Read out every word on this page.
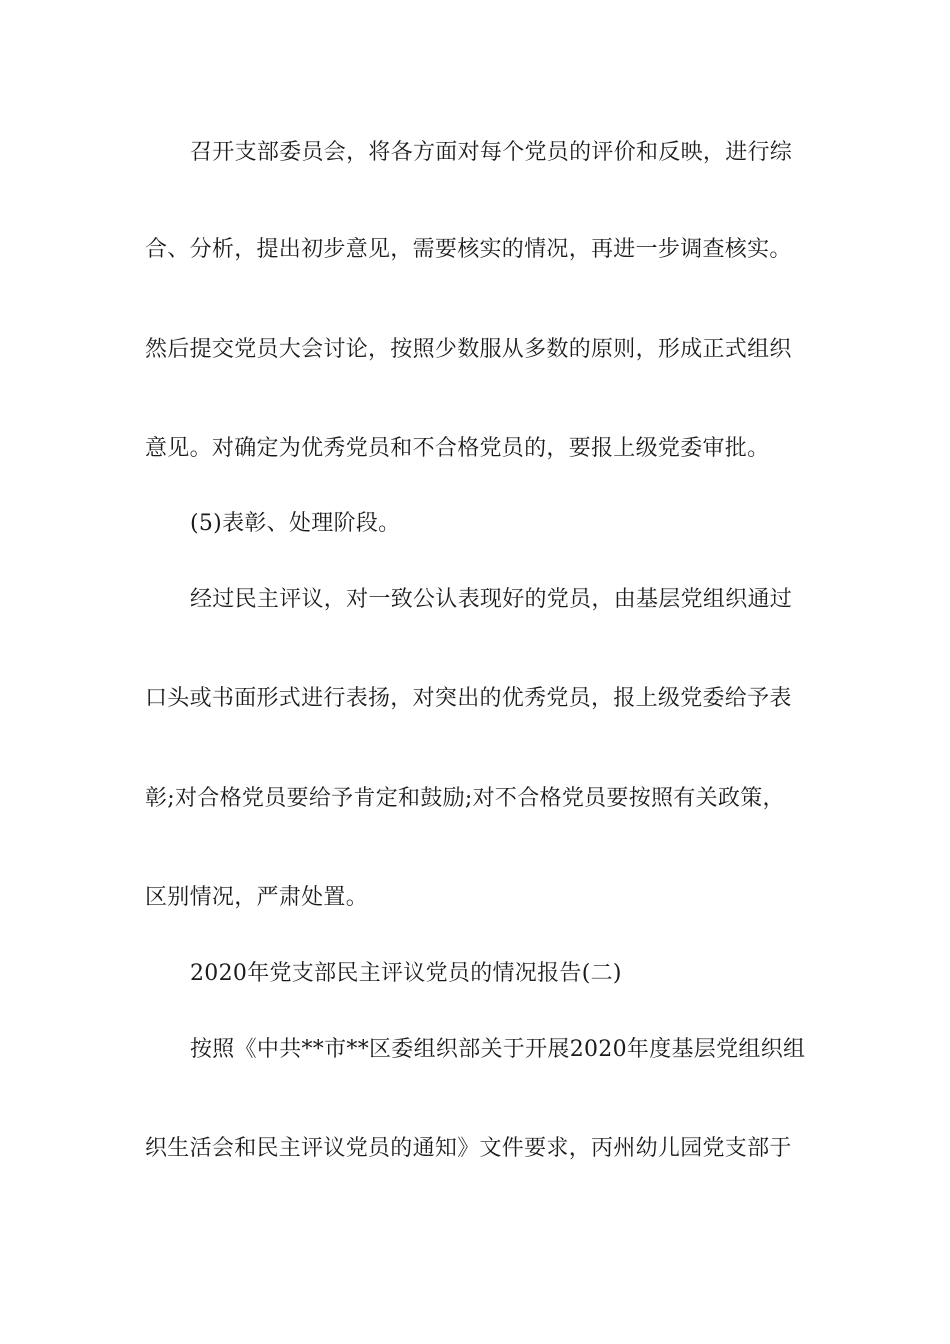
召开支部委员会，将各方面对每个党员的评价和反映，进行综
合、分析，提出初步意见，需要核实的情况，再进一步调查核实。
然后提交党员大会讨论，按照少数服从多数的原则，形成正式组织
意见。对确定为优秀党员和不合格党员的，要报上级党委审批。
(5)表彰、处理阶段。
经过民主评议，对一致公认表现好的党员，由基层党组织通过
口头或书面形式进行表扬，对突出的优秀党员，报上级党委给予表
彰;对合格党员要给予肯定和鼓励;对不合格党员要按照有关政策，
区别情况，严肃处置。
2020年党支部民主评议党员的情况报告(二)
按照《中共**市**区委组织部关于开展2020年度基层党组织组
织生活会和民主评议党员的通知》文件要求，丙州幼儿园党支部于
